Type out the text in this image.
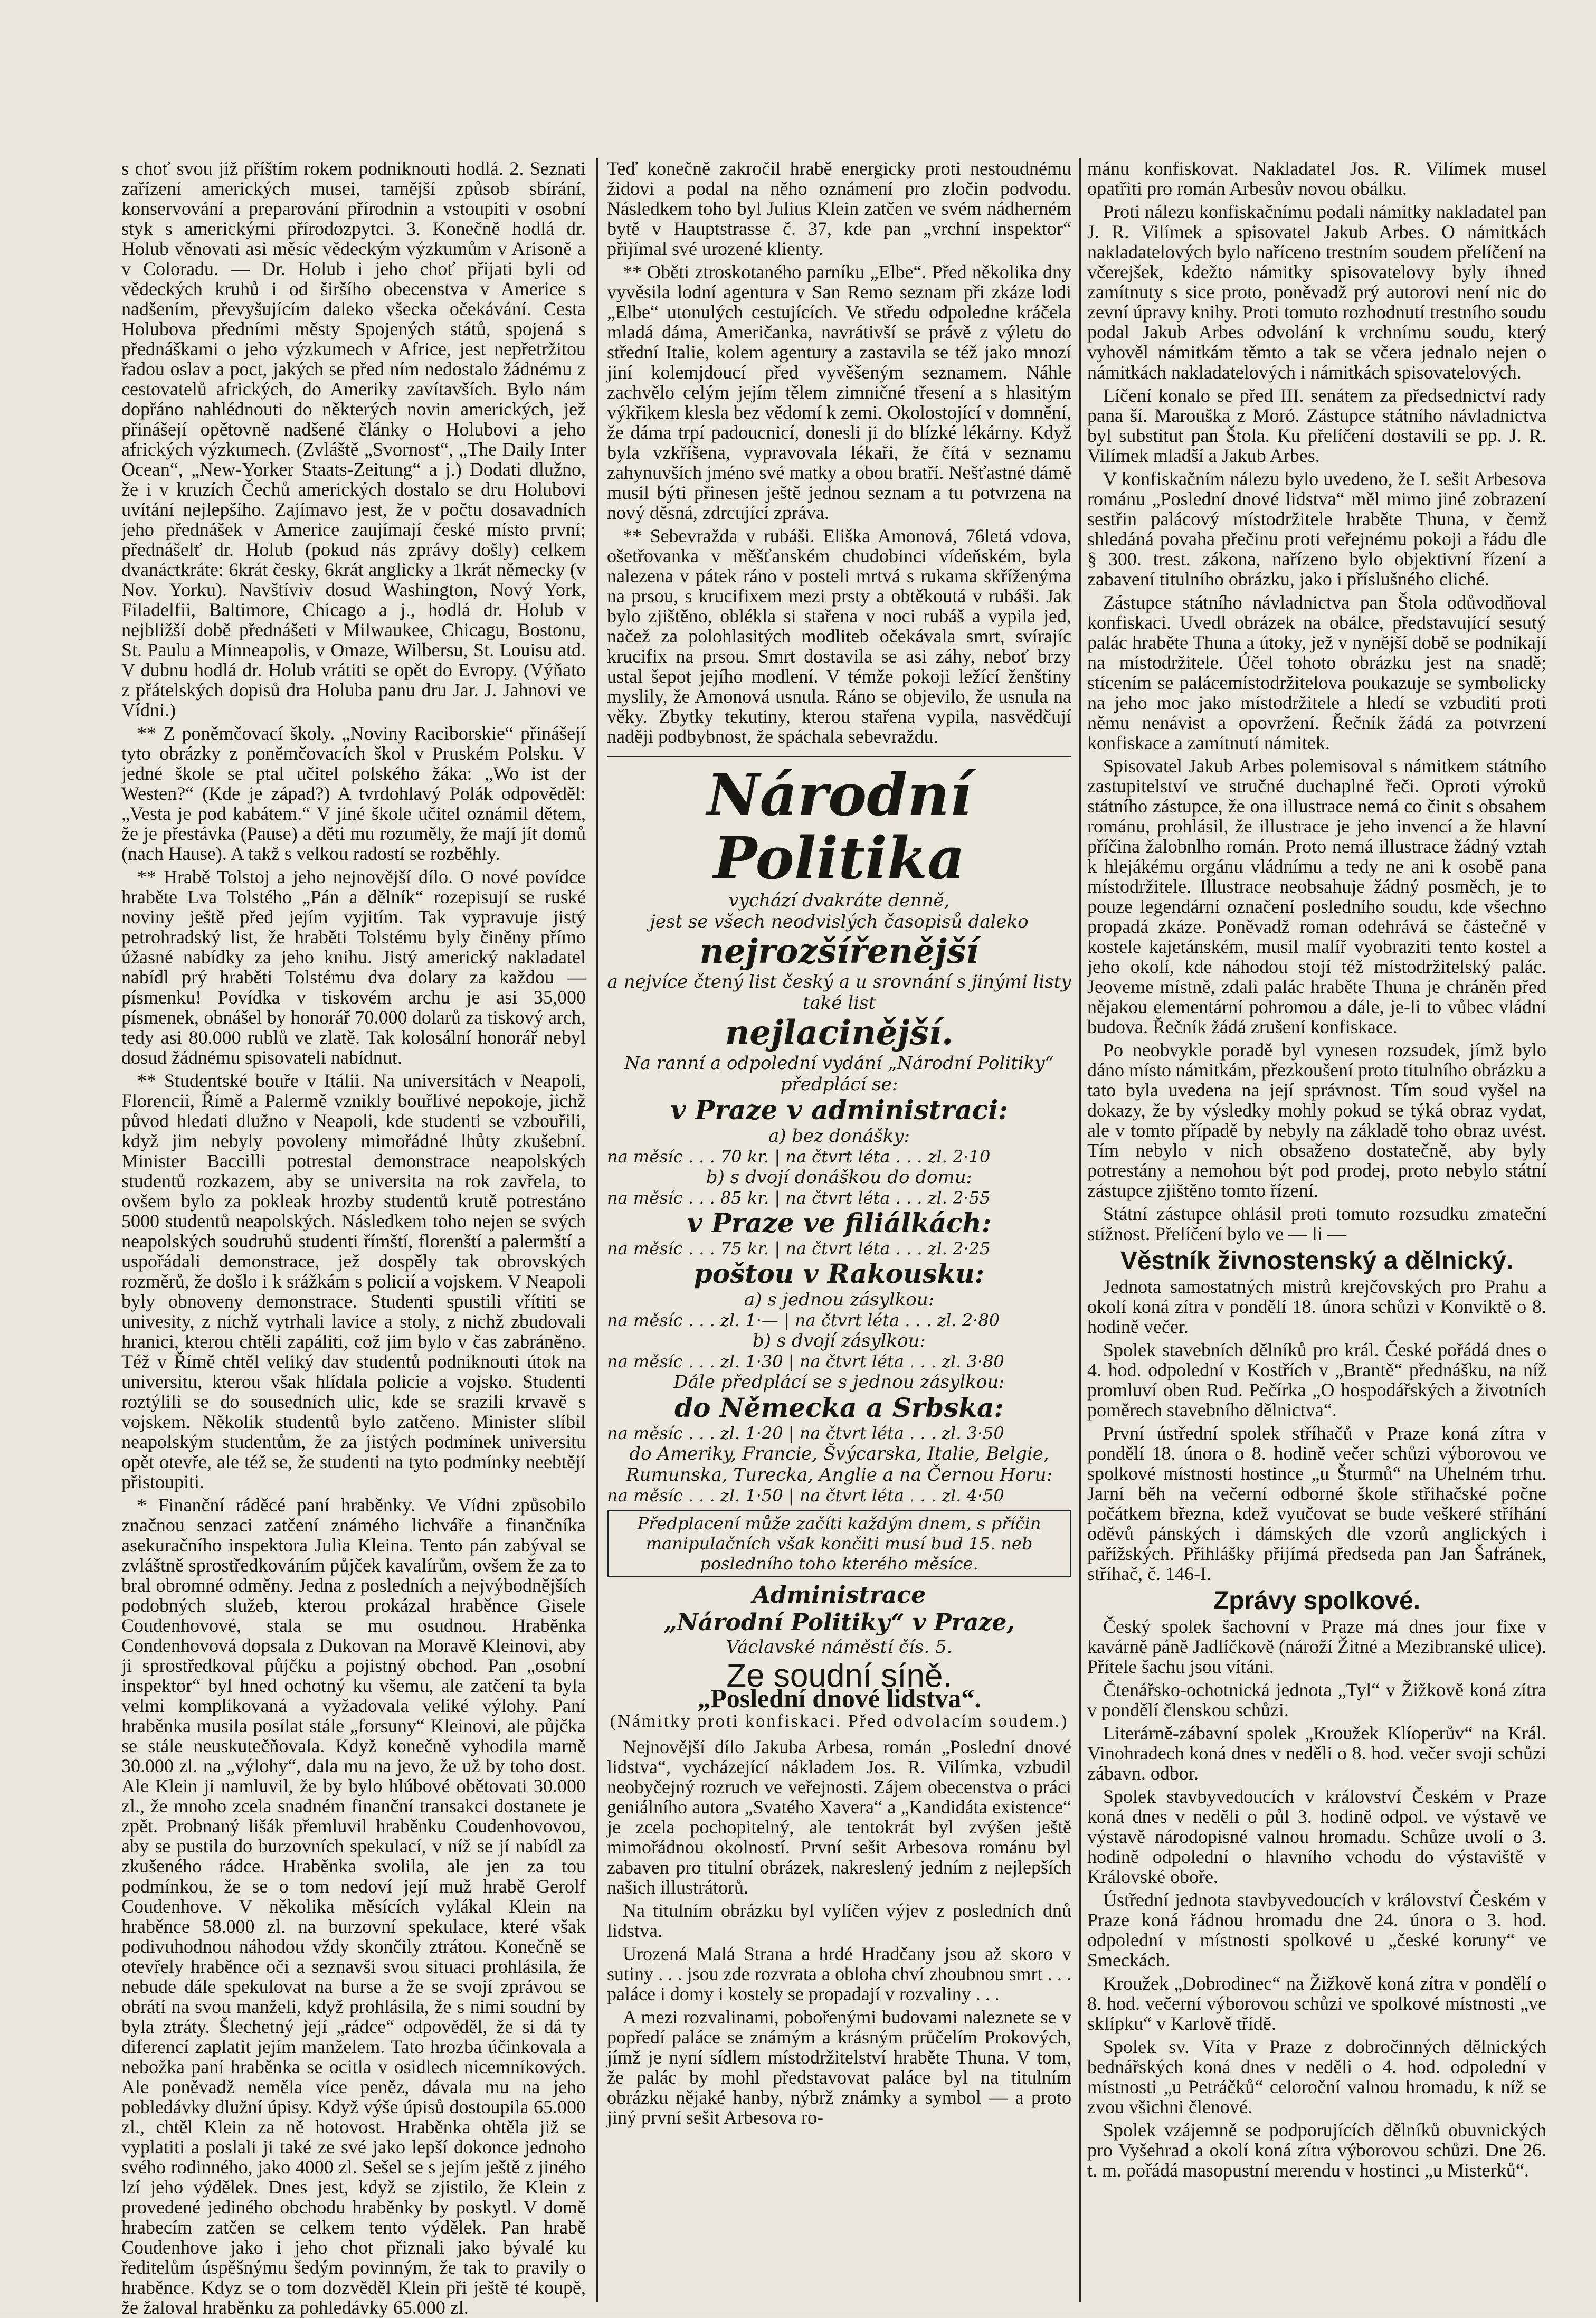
s choť svou již příštím rokem podniknouti hodlá. 2. Seznati zařízení amerických musei, tamější způsob sbírání, konservování a preparování přírodnin a vstoupiti v osobní styk s americkými přírodozpytci. 3. Konečně hodlá dr. Holub věnovati asi měsíc vědeckým výzkumům v Arisoně a v Coloradu. — Dr. Holub i jeho choť přijati byli od vědeckých kruhů i od širšího obecenstva v Americe s nadšením, převyšujícím daleko všecka očekávání. Cesta Holubova předními městy Spojených států, spojená s přednáškami o jeho výzkumech v Africe, jest nepřetržitou řadou oslav a poct, jakých se před ním nedostalo žádnému z cestovatelů afrických, do Ameriky zavítavších. Bylo nám dopřáno nahlédnouti do některých novin amerických, jež přinášejí opětovně nadšené články o Holubovi a jeho afrických výzkumech. (Zvláště „Svornost“, „The Daily Inter Ocean“, „New-Yorker Staats-Zeitung“ a j.) Dodati dlužno, že i v kruzích Čechů amerických dostalo se dru Holubovi uvítání nejlepšího. Zajímavo jest, že v počtu dosavadních jeho přednášek v Americe zaujímají české místo první; přednášelť dr. Holub (pokud nás zprávy došly) celkem dvanáctkráte: 6krát česky, 6krát anglicky a 1krát německy (v Nov. Yorku). Navštíviv dosud Washington, Nový York, Filadelfii, Baltimore, Chicago a j., hodlá dr. Holub v nejbližší době přednášeti v Milwaukee, Chicagu, Bostonu, St. Paulu a Minneapolis, v Omaze, Wilbersu, St. Louisu atd. V dubnu hodlá dr. Holub vrátiti se opět do Evropy. (Výňato z přátelských dopisů dra Holuba panu dru Jar. J. Jahnovi ve Vídni.)

** Z poněmčovací školy. „Noviny Raciborskie“ přinášejí tyto obrázky z poněmčovacích škol v Pruském Polsku. V jedné škole se ptal učitel polského žáka: „Wo ist der Westen?“ (Kde je západ?) A tvrdohlavý Polák odpověděl: „Vesta je pod kabátem.“ V jiné škole učitel oznámil dětem, že je přestávka (Pause) a děti mu rozuměly, že mají jít domů (nach Hause). A takž s velkou radostí se rozběhly.

** Hrabě Tolstoj a jeho nejnovější dílo. O nové povídce hraběte Lva Tolstého „Pán a dělník“ rozepisují se ruské noviny ještě před jejím vyjitím. Tak vypravuje jistý petrohradský list, že hraběti Tolstému byly činěny přímo úžasné nabídky za jeho knihu. Jistý americký nakladatel nabídl prý hraběti Tolstému dva dolary za každou — písmenku! Povídka v tiskovém archu je asi 35,000 písmenek, obnášel by honorář 70.000 dolarů za tiskový arch, tedy asi 80.000 rublů ve zlatě. Tak kolosální honorář nebyl dosud žádnému spisovateli nabídnut.

** Studentské bouře v Itálii. Na universitách v Neapoli, Florencii, Římě a Palermě vznikly bouřlivé nepokoje, jichž původ hledati dlužno v Neapoli, kde studenti se vzbouřili, když jim nebyly povoleny mimořádné lhůty zkušební. Minister Baccilli potrestal demonstrace neapolských studentů rozkazem, aby se universita na rok zavřela, to ovšem bylo za pokleak hrozby studentů krutě potrestáno 5000 studentů neapolských. Následkem toho nejen se svých neapolských soudruhů studenti římští, florenští a palermští a uspořádali demonstrace, jež dospěly tak obrovských rozměrů, že došlo i k srážkám s policií a vojskem. V Neapoli byly obnoveny demonstrace. Studenti spustili vřítiti se univesity, z nichž vytrhali lavice a stoly, z nichž zbudovali hranici, kterou chtěli zapáliti, což jim bylo v čas zabráněno. Též v Římě chtěl veliký dav studentů podniknouti útok na universitu, kterou však hlídala policie a vojsko. Studenti roztýlili se do sousedních ulic, kde se srazili krvavě s vojskem. Několik studentů bylo zatčeno. Minister slíbil neapolským studentům, že za jistých podmínek universitu opět otevře, ale též se, že studenti na tyto podmínky neebtějí přistoupiti.

* Finanční ráděcé paní hraběnky. Ve Vídni způsobilo značnou senzaci zatčení známého lichváře a finančníka asekuračního inspektora Julia Kleina. Tento pán zabýval se zvláštně sprostředkováním půjček kavalírům, ovšem že za to bral obromné odměny. Jedna z posledních a nejvýbodnějších podobných služeb, kterou prokázal hraběnce Gisele Coudenhovové, stala se mu osudnou. Hraběnka Condenhovová dopsala z Dukovan na Moravě Kleinovi, aby ji sprostředkoval půjčku a pojistný obchod. Pan „osobní inspektor“ byl hned ochotný ku všemu, ale zatčení ta byla velmi komplikovaná a vyžadovala veliké výlohy. Paní hraběnka musila posílat stále „forsuny“ Kleinovi, ale půjčka se stále neuskutečňovala. Když konečně vyhodila marně 30.000 zl. na „výlohy“, dala mu na jevo, že už by toho dost. Ale Klein ji namluvil, že by bylo hlúbové obětovati 30.000 zl., že mnoho zcela snadném finanční transakci dostanete je zpět. Probnaný lišák přemluvil hraběnku Coudenhovovou, aby se pustila do burzovních spekulací, v níž se jí nabídl za zkušeného rádce. Hraběnka svolila, ale jen za tou podmínkou, že se o tom nedoví její muž hrabě Gerolf Coudenhove. V několika měsících vylákal Klein na hraběnce 58.000 zl. na burzovní spekulace, které však podivuhodnou náhodou vždy skončily ztrátou. Konečně se otevřely hraběnce oči a seznavši svou situaci prohlásila, že nebude dále spekulovat na burse a že se svojí zprávou se obrátí na svou manželi, když prohlásila, že s nimi soudní by byla ztráty. Šlechetný její „rádce“ odpověděl, že si dá ty diferencí zaplatit jejím manželem. Tato hrozba účinkovala a nebožka paní hraběnka se ocitla v osidlech nicemníkových. Ale poněvadž neměla více peněz, dávala mu na jeho pobledávky dlužní úpisy. Když výše úpisů dostoupila 65.000 zl., chtěl Klein za ně hotovost. Hraběnka ohtěla již se vyplatiti a poslali ji také ze své jako lepší dokonce jednoho svého rodinného, jako 4000 zl. Sešel se s jejím ještě z jiného lzí jeho výdělek. Dnes jest, když se zjistilo, že Klein z provedené jediného obchodu hraběnky by poskytl. V domě hrabecím zatčen se celkem tento výdělek. Pan hrabě Coudenhove jako i jeho chot přiznali jako bývalé ku ředitelům úspěšnýmu šedým povinným, že tak to pravily o hraběnce. Kdyz se o tom dozvěděl Klein při ještě té koupě, že žaloval hraběnku za pohledávky 65.000 zl.

Teď konečně zakročil hrabě energicky proti nestoudnému židovi a podal na něho oznámení pro zločin podvodu. Následkem toho byl Julius Klein zatčen ve svém nádherném bytě v Hauptstrasse č. 37, kde pan „vrchní inspektor“ přijímal své urozené klienty.

** Oběti ztroskotaného parníku „Elbe“. Před několika dny vyvěsila lodní agentura v San Remo seznam při zkáze lodi „Elbe“ utonulých cestujících. Ve středu odpoledne kráčela mladá dáma, Američanka, navrátivší se právě z výletu do střední Italie, kolem agentury a zastavila se též jako mnozí jiní kolemjdoucí před vyvěšeným seznamem. Náhle zachvělo celým jejím tělem zimničné třesení a s hlasitým výkřikem klesla bez vědomí k zemi. Okolostojící v domnění, že dáma trpí padoucnicí, donesli ji do blízké lékárny. Když byla vzkříšena, vypravovala lékaři, že čítá v seznamu zahynuvších jméno své matky a obou bratří. Nešťastné dámě musil býti přinesen ještě jednou seznam a tu potvrzena na nový děsná, zdrcující zpráva.

** Sebevražda v rubáši. Eliška Amonová, 76letá vdova, ošetřovanka v měšťanském chudobinci vídeňském, byla nalezena v pátek ráno v posteli mrtvá s rukama skříženýma na prsou, s krucifixem mezi prsty a obtěkoutá v rubáši. Jak bylo zjištěno, oblékla si stařena v noci rubáš a vypila jed, načež za polohlasitých modliteb očekávala smrt, svírajíc krucifix na prsou. Smrt dostavila se asi záhy, neboť brzy ustal šepot jejího modlení. V témže pokoji ležící ženštiny myslily, že Amonová usnula. Ráno se objevilo, že usnula na věky. Zbytky tekutiny, kterou stařena vypila, nasvědčují naději podbybnost, že spáchala sebevraždu.

Národní Politika
vychází dvakráte denně,
jest se všech neodvislých časopisů daleko
nejrozšířenější
a nejvíce čtený list český a u srovnání s jinými listy také list
nejlacinější.
Na ranní a odpolední vydání „Národní Politiky“ předplácí se:
v Praze v administraci:
a) bez donášky:
na měsíc . . . 70 kr. | na čtvrt léta . . . zl. 2·10
b) s dvojí donáškou do domu:
na měsíc . . . 85 kr. | na čtvrt léta . . . zl. 2·55
v Praze ve filiálkách:
na měsíc . . . 75 kr. | na čtvrt léta . . . zl. 2·25
poštou v Rakousku:
a) s jednou zásylkou:
na měsíc . . . zl. 1·— | na čtvrt léta . . . zl. 2·80
b) s dvojí zásylkou:
na měsíc . . . zl. 1·30 | na čtvrt léta . . . zl. 3·80
Dále předplácí se s jednou zásylkou:
do Německa a Srbska:
na měsíc . . . zl. 1·20 | na čtvrt léta . . . zl. 3·50
do Ameriky, Francie, Švýcarska, Italie, Belgie, Rumunska, Turecka, Anglie a na Černou Horu:
na měsíc . . . zl. 1·50 | na čtvrt léta . . . zl. 4·50
Předplacení může začíti každým dnem, s příčin manipulačních však končiti musí bud 15. neb posledního toho kterého měsíce.
Administrace
„Národní Politiky“ v Praze,
Václavské náměstí čís. 5.
Ze soudní síně.
„Poslední dnové lidstva“.
(Námitky proti konfiskaci. Před odvolacím soudem.)

Nejnovější dílo Jakuba Arbesa, román „Poslední dnové lidstva“, vycházející nákladem Jos. R. Vilímka, vzbudil neobyčejný rozruch ve veřejnosti. Zájem obecenstva o práci geniálního autora „Svatého Xavera“ a „Kandidáta existence“ je zcela pochopitelný, ale tentokrát byl zvýšen ještě mimořádnou okolností. První sešit Arbesova románu byl zabaven pro titulní obrázek, nakreslený jedním z nejlepších našich illustrátorů.

Na titulním obrázku byl vylíčen výjev z posledních dnů lidstva.

Urozená Malá Strana a hrdé Hradčany jsou až skoro v sutiny . . . jsou zde rozvrata a obloha chví zhoubnou smrt . . . paláce i domy i kostely se propadají v rozvaliny . . .

A mezi rozvalinami, pobořenými budovami naleznete se v popředí paláce se známým a krásným průčelím Prokových, jímž je nyní sídlem místodržitelství hraběte Thuna. V tom, že palác by mohl představovat paláce byl na titulním obrázku nějaké hanby, nýbrž známky a symbol — a proto jiný první sešit Arbesova ro-

mánu konfiskovat. Nakladatel Jos. R. Vilímek musel opatřiti pro román Arbesův novou obálku.

Proti nálezu konfiskačnímu podali námitky nakladatel pan J. R. Vilímek a spisovatel Jakub Arbes. O námitkách nakladatelových bylo naříceno trestním soudem přelíčení na včerejšek, kdežto námitky spisovatelovy byly ihned zamítnuty s sice proto, poněvadž prý autorovi není nic do zevní úpravy knihy. Proti tomuto rozhodnutí trestního soudu podal Jakub Arbes odvolání k vrchnímu soudu, který vyhověl námitkám těmto a tak se včera jednalo nejen o námitkách nakladatelových i námitkách spisovatelových.

Líčení konalo se před III. senátem za předsednictví rady pana ší. Marouška z Moró. Zástupce státního návladnictva byl substitut pan Štola. Ku přelíčení dostavili se pp. J. R. Vilímek mladší a Jakub Arbes.

V konfiskačním nálezu bylo uvedeno, že I. sešit Arbesova románu „Poslední dnové lidstva“ měl mimo jiné zobrazení sestřin palácový místodržitele hraběte Thuna, v čemž shledáná povaha přečinu proti veřejnému pokoji a řádu dle § 300. trest. zákona, nařízeno bylo objektivní řízení a zabavení titulního obrázku, jako i příslušného cliché.

Zástupce státního návladnictva pan Štola odůvodňoval konfiskaci. Uvedl obrázek na obálce, představující sesutý palác hraběte Thuna a útoky, jež v nynější době se podnikají na místodržitele. Účel tohoto obrázku jest na snadě; stícením se palácemístodržitelova poukazuje se symbolicky na jeho moc jako místodržitele a hledí se vzbuditi proti němu nenávist a opovržení. Řečník žádá za potvrzení konfiskace a zamítnutí námitek.

Spisovatel Jakub Arbes polemisoval s námitkem státního zastupitelství ve stručné duchaplné řeči. Oproti výroků státního zástupce, že ona illustrace nemá co činit s obsahem románu, prohlásil, že illustrace je jeho invencí a že hlavní příčina žalobnlho román. Proto nemá illustrace žádný vztah k hlejákému orgánu vládnímu a tedy ne ani k osobě pana místodržitele. Illustrace neobsahuje žádný posměch, je to pouze legendární označení posledního soudu, kde všechno propadá zkáze. Poněvadž roman odehrává se částečně v kostele kajetánském, musil malíř vyobraziti tento kostel a jeho okolí, kde náhodou stojí též místodržitelský palác. Jeoveme místně, zdali palác hraběte Thuna je chráněn před nějakou elementární pohromou a dále, je-li to vůbec vládní budova. Řečník žádá zrušení konfiskace.

Po neobvykle poradě byl vynesen rozsudek, jímž bylo dáno místo námitkám, přezkoušení proto titulního obrázku a tato byla uvedena na její správnost. Tím soud vyšel na dokazy, že by výsledky mohly pokud se týká obraz vydat, ale v tomto případě by nebyly na základě toho obraz uvést. Tím nebylo v nich obsaženo dostatečně, aby byly potrestány a nemohou být pod prodej, proto nebylo státní zástupce zjištěno tomto řízení.

Státní zástupce ohlásil proti tomuto rozsudku zmateční stížnost. Přelíčení bylo ve — li —

Věstník živnostenský a dělnický.

Jednota samostatných mistrů krejčovských pro Prahu a okolí koná zítra v pondělí 18. února schůzi v Konviktě o 8. hodině večer.

Spolek stavebních dělníků pro král. České pořádá dnes o 4. hod. odpolední v Kostřích v „Brantě“ přednášku, na níž promluví oben Rud. Pečírka „O hospodářských a životních poměrech stavebního dělnictva“.

První ústřední spolek stříhačů v Praze koná zítra v pondělí 18. února o 8. hodině večer schůzi výborovou ve spolkové místnosti hostince „u Šturmů“ na Uhelném trhu. Jarní běh na večerní odborné škole střihačské počne počátkem března, kdež vyučovat se bude veškeré stříhání oděvů pánských i dámských dle vzorů anglických i pařížských. Přihlášky přijímá předseda pan Jan Šafránek, stříhač, č. 146-I.

Zprávy spolkové.

Český spolek šachovní v Praze má dnes jour fixe v kavárně páně Jadlíčkově (nároží Žitné a Mezibranské ulice). Přítele šachu jsou vítáni.

Čtenářsko-ochotnická jednota „Tyl“ v Žižkově koná zítra v pondělí členskou schůzi.

Literárně-zábavní spolek „Kroužek Klíoperův“ na Král. Vinohradech koná dnes v neděli o 8. hod. večer svoji schůzi zábavn. odbor.

Spolek stavbyvedoucích v království Českém v Praze koná dnes v neděli o půl 3. hodině odpol. ve výstavě ve výstavě národopisné valnou hromadu. Schůze uvolí o 3. hodině odpolední o hlavního vchodu do výstaviště v Královské oboře.

Ústřední jednota stavbyvedoucích v království Českém v Praze koná řádnou hromadu dne 24. února o 3. hod. odpolední v místnosti spolkové u „české koruny“ ve Smeckách.

Kroužek „Dobrodinec“ na Žižkově koná zítra v pondělí o 8. hod. večerní výborovou schůzi ve spolkové místnosti „ve sklípku“ v Karlově třídě.

Spolek sv. Víta v Praze z dobročinných dělnických bednářských koná dnes v neděli o 4. hod. odpolední v místnosti „u Petráčků“ celoroční valnou hromadu, k níž se zvou všichni členové.

Spolek vzájemně se podporujících dělníků obuvnických pro Vyšehrad a okolí koná zítra výborovou schůzi. Dne 26. t. m. pořádá masopustní merendu v hostinci „u Misterků“.
